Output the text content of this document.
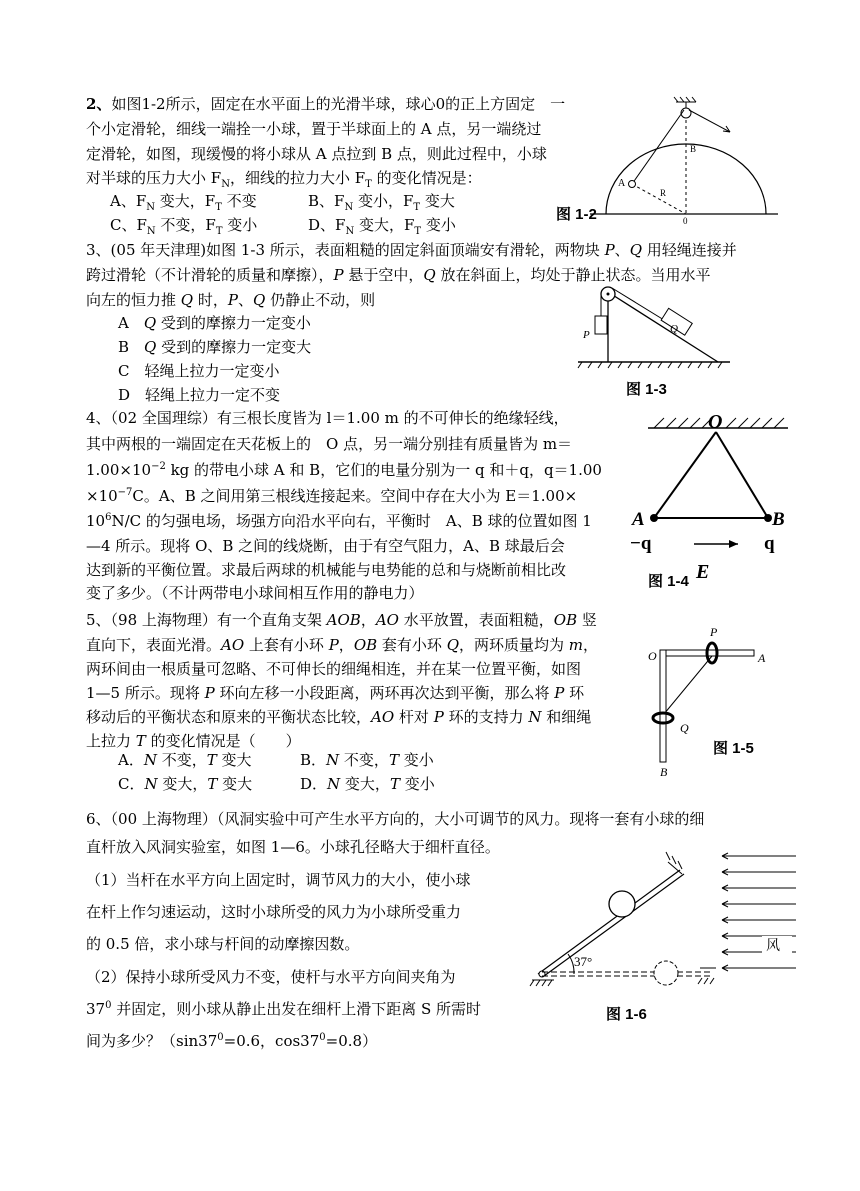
2、如图1-2所示，固定在水平面上的光滑半球，球心0的正上方固定　一
个小定滑轮，细线一端拴一小球，置于半球面上的 A 点，另一端绕过
定滑轮，如图，现缓慢的将小球从 A 点拉到 B 点，则此过程中，小球
对半球的压力大小 $F_N$，细线的拉力大小 $F_T$ 的变化情况是：
A、$F_N$ 变大，$F_T$ 不变	B、$F_N$ 变小，$F_T$ 变大
C、$F_N$ 不变，$F_T$ 变小	D、$F_N$ 变大，$F_T$ 变小
图 1-2
A
B
R
0
3、(05 年天津理)如图 1-3 所示，表面粗糙的固定斜面顶端安有滑轮，两物块 P、Q 用轻绳连接并
跨过滑轮（不计滑轮的质量和摩擦），P 悬于空中，Q 放在斜面上，均处于静止状态。当用水平
向左的恒力推 Q 时，P、Q 仍静止不动，则
A　Q 受到的摩擦力一定变小
B　Q 受到的摩擦力一定变大
C　轻绳上拉力一定变小
D　轻绳上拉力一定不变
P	Q
图 1-3
4、（02 全国理综）有三根长度皆为 l＝1.00 m 的不可伸长的绝缘轻线，
其中两根的一端固定在天花板上的　O 点，另一端分别挂有质量皆为 m＝
$1.00\times 10^{-2}$ kg 的带电小球 A 和 B，它们的电量分别为一 q 和＋q，q＝1.00
$\times 10^{-7}C$。A、B 之间用第三根线连接起来。空间中存在大小为 E＝1.00×
$10^6N/C$ 的匀强电场，场强方向沿水平向右，平衡时　A、B 球的位置如图 1
—4 所示。现将 O、B 之间的线烧断，由于有空气阻力，A、B 球最后会
达到新的平衡位置。求最后两球的机械能与电势能的总和与烧断前相比改
变了多少。（不计两带电小球间相互作用的静电力）
O
A	B
−q	q
E
图 1-4
5、（98 上海物理）有一个直角支架 AOB，AO 水平放置，表面粗糙，OB 竖
直向下，表面光滑。AO 上套有小环 P，OB 套有小环 Q，两环质量均为 m，
两环间由一根质量可忽略、不可伸长的细绳相连，并在某一位置平衡，如图
1—5 所示。现将 P 环向左移一小段距离，两环再次达到平衡，那么将 P 环
移动后的平衡状态和原来的平衡状态比较，AO 杆对 P 环的支持力 N 和细绳
上拉力 T 的变化情况是（　　）
A．N 不变，T 变大	B．N 不变，T 变小
C．N 变大，T 变大	D．N 变大，T 变小
O	A
B
P
Q
图 1-5
6、（00 上海物理）（风洞实验中可产生水平方向的，大小可调节的风力。现将一套有小球的细
直杆放入风洞实验室，如图 1—6。小球孔径略大于细杆直径。
（1）当杆在水平方向上固定时，调节风力的大小，使小球
在杆上作匀速运动，这时小球所受的风力为小球所受重力
的 0.5 倍，求小球与杆间的动摩擦因数。
（2）保持小球所受风力不变，使杆与水平方向间夹角为
$37^0$ 并固定，则小球从静止出发在细杆上滑下距离 S 所需时
间为多少？（$\sin 37^0=0.6$，$\cos 37^0=0.8$）
37°
风
图 1-6
